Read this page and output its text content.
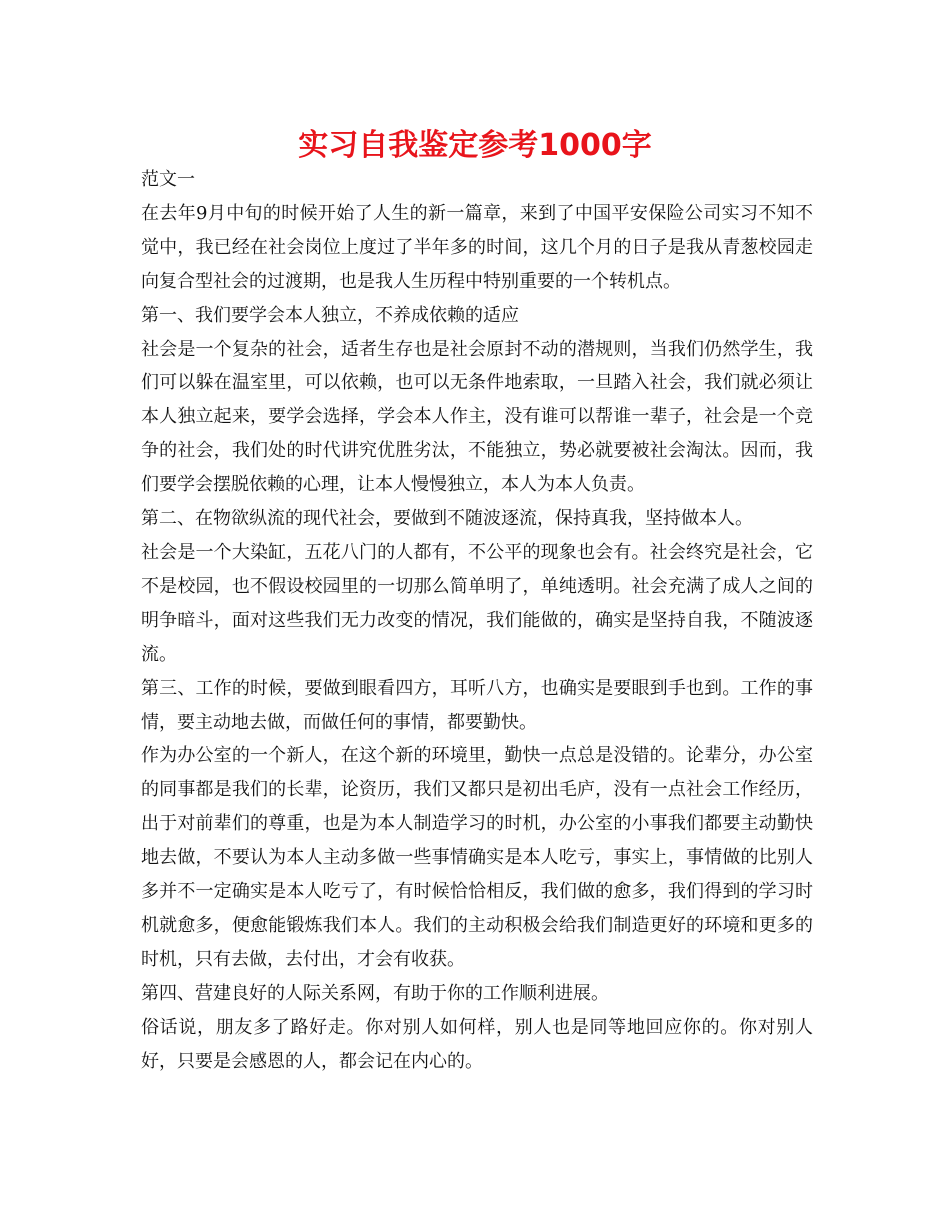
实习自我鉴定参考1000字

范文一

在去年9月中旬的时候开始了人生的新一篇章，来到了中国平安保险公司实习不知不觉中，我已经在社会岗位上度过了半年多的时间，这几个月的日子是我从青葱校园走向复合型社会的过渡期，也是我人生历程中特别重要的一个转机点。

第一、我们要学会本人独立，不养成依赖的适应

社会是一个复杂的社会，适者生存也是社会原封不动的潜规则，当我们仍然学生，我们可以躲在温室里，可以依赖，也可以无条件地索取，一旦踏入社会，我们就必须让本人独立起来，要学会选择，学会本人作主，没有谁可以帮谁一辈子，社会是一个竞争的社会，我们处的时代讲究优胜劣汰，不能独立，势必就要被社会淘汰。因而，我们要学会摆脱依赖的心理，让本人慢慢独立，本人为本人负责。

第二、在物欲纵流的现代社会，要做到不随波逐流，保持真我，坚持做本人。

社会是一个大染缸，五花八门的人都有，不公平的现象也会有。社会终究是社会，它不是校园，也不假设校园里的一切那么简单明了，单纯透明。社会充满了成人之间的明争暗斗，面对这些我们无力改变的情况，我们能做的，确实是坚持自我，不随波逐流。

第三、工作的时候，要做到眼看四方，耳听八方，也确实是要眼到手也到。工作的事情，要主动地去做，而做任何的事情，都要勤快。

作为办公室的一个新人，在这个新的环境里，勤快一点总是没错的。论辈分，办公室的同事都是我们的长辈，论资历，我们又都只是初出毛庐，没有一点社会工作经历，出于对前辈们的尊重，也是为本人制造学习的时机，办公室的小事我们都要主动勤快地去做，不要认为本人主动多做一些事情确实是本人吃亏，事实上，事情做的比别人多并不一定确实是本人吃亏了，有时候恰恰相反，我们做的愈多，我们得到的学习时机就愈多，便愈能锻炼我们本人。我们的主动积极会给我们制造更好的环境和更多的时机，只有去做，去付出，才会有收获。

第四、营建良好的人际关系网，有助于你的工作顺利进展。

俗话说，朋友多了路好走。你对别人如何样，别人也是同等地回应你的。你对别人好，只要是会感恩的人，都会记在内心的。
